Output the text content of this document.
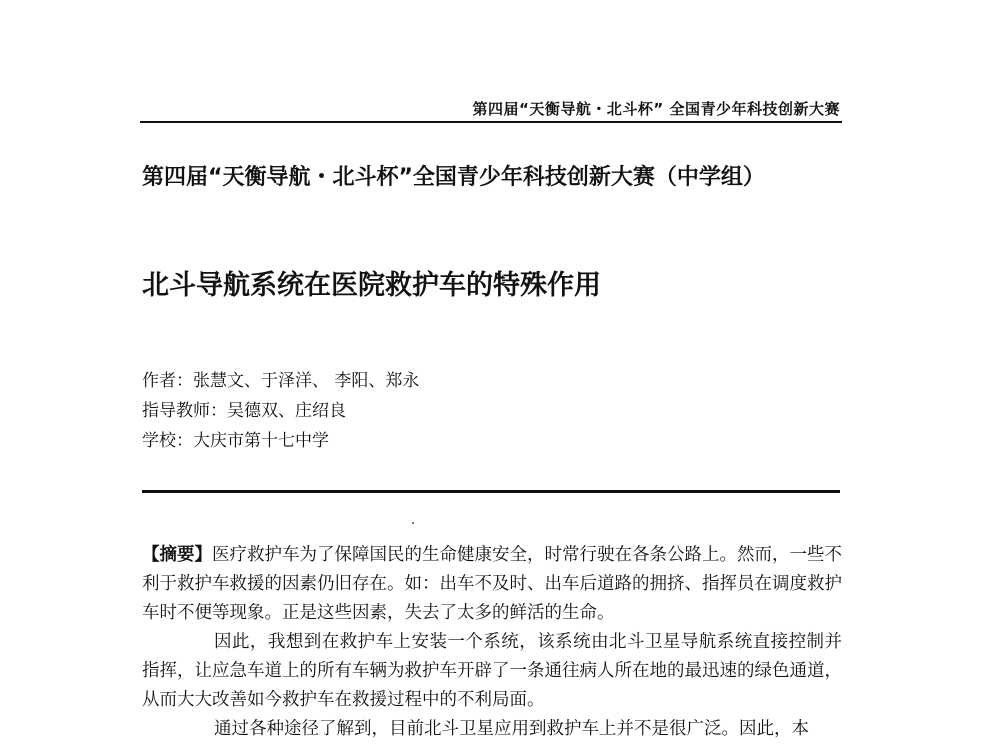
第四届“天衡导航・北斗杯” 全国青少年科技创新大赛
第四届“天衡导航・北斗杯”全国青少年科技创新大赛（中学组）
北斗导航系统在医院救护车的特殊作用
作者：张慧文、于泽洋、 李阳、郑永
指导教师：吴德双、庄绍良
学校：大庆市第十七中学

【摘要】医疗救护车为了保障国民的生命健康安全，时常行驶在各条公路上。然而，一些不利于救护车救援的因素仍旧存在。如：出车不及时、出车后道路的拥挤、指挥员在调度救护车时不便等现象。正是这些因素，失去了太多的鲜活的生命。

因此，我想到在救护车上安装一个系统，该系统由北斗卫星导航系统直接控制并指挥，让应急车道上的所有车辆为救护车开辟了一条通往病人所在地的最迅速的绿色通道，从而大大改善如今救护车在救援过程中的不利局面。

通过各种途径了解到，目前北斗卫星应用到救护车上并不是很广泛。因此，本
